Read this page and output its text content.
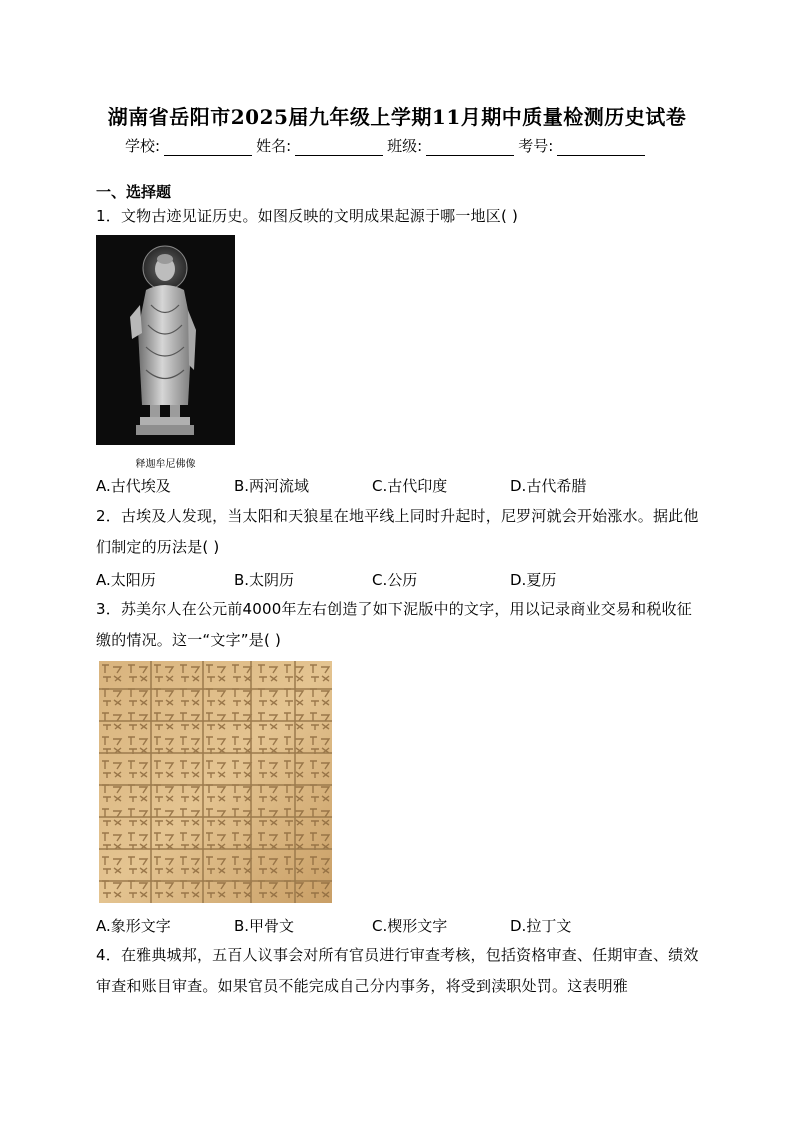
湖南省岳阳市2025届九年级上学期11月期中质量检测历史试卷
学校:	姓名:	班级:	考号:
一、选择题
1．文物古迹见证历史。如图反映的文明成果起源于哪一地区( )
释迦牟尼佛像
A.古代埃及	B.两河流域	C.古代印度	D.古代希腊
2．古埃及人发现，当太阳和天狼星在地平线上同时升起时，尼罗河就会开始涨水。据此他们制定的历法是( )
A.太阳历	B.太阴历	C.公历	D.夏历
3．苏美尔人在公元前4000年左右创造了如下泥版中的文字，用以记录商业交易和税收征缴的情况。这一“文字”是( )
A.象形文字	B.甲骨文	C.楔形文字	D.拉丁文
4．在雅典城邦，五百人议事会对所有官员进行审查考核，包括资格审查、任期审查、绩效审查和账目审查。如果官员不能完成自己分内事务，将受到渎职处罚。这表明雅
